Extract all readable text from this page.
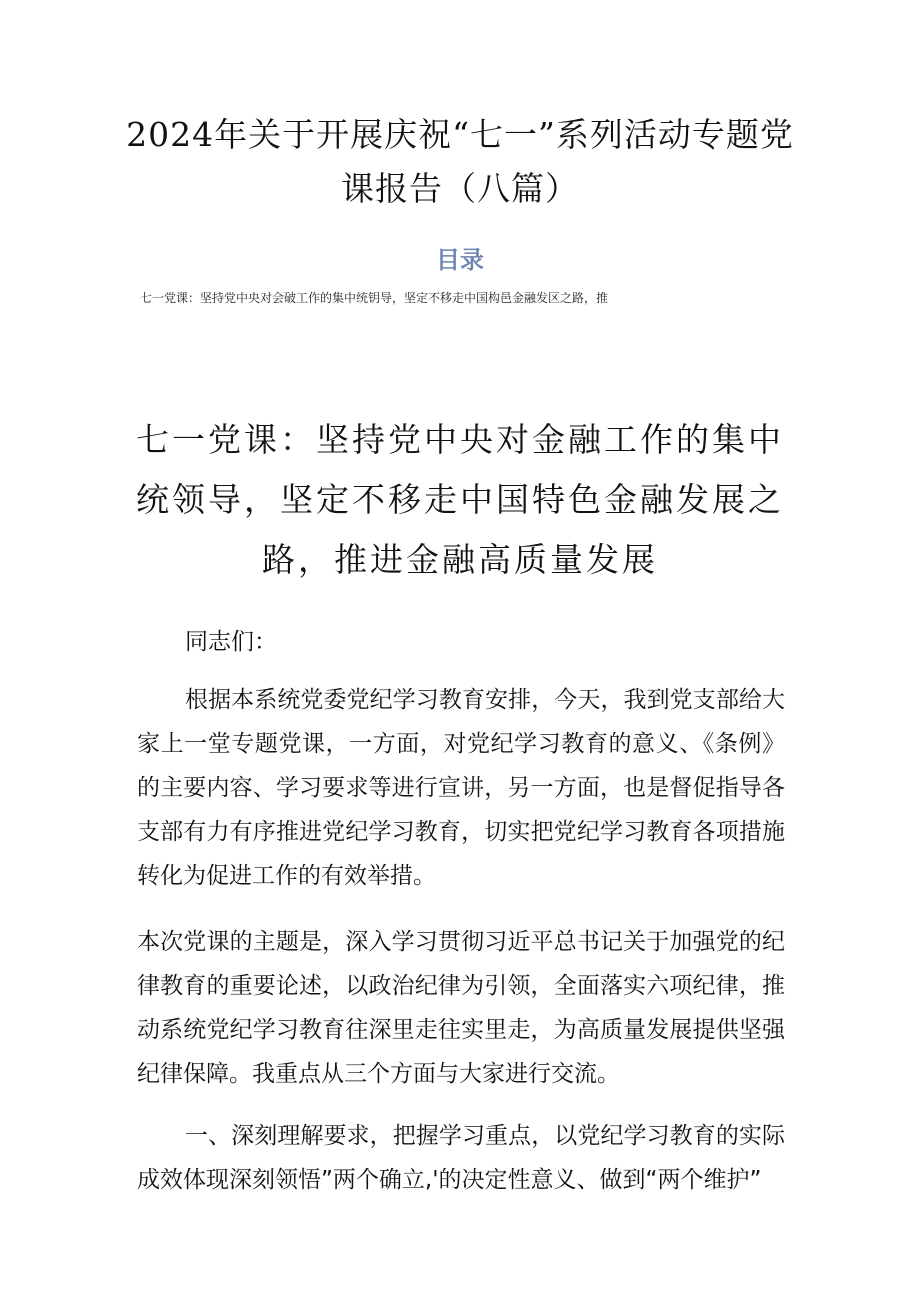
2024年关于开展庆祝“七一”系列活动专题党课报告（八篇）
目录
七一党课：坚持党中央对会破工作的集中统钥导，坚定不移走中国构邑金融发区之路，推
七一党课：坚持党中央对金融工作的集中统领导，坚定不移走中国特色金融发展之路，推进金融高质量发展

同志们：

根据本系统党委党纪学习教育安排，今天，我到党支部给大家上一堂专题党课，一方面，对党纪学习教育的意义、《条例》的主要内容、学习要求等进行宣讲，另一方面，也是督促指导各支部有力有序推进党纪学习教育，切实把党纪学习教育各项措施转化为促进工作的有效举措。

本次党课的主题是，深入学习贯彻习近平总书记关于加强党的纪律教育的重要论述，以政治纪律为引领，全面落实六项纪律，推动系统党纪学习教育往深里走往实里走，为高质量发展提供坚强纪律保障。我重点从三个方面与大家进行交流。

一、深刻理解要求，把握学习重点，以党纪学习教育的实际成效体现深刻领悟”两个确立,'的决定性意义、做到“两个维护”
